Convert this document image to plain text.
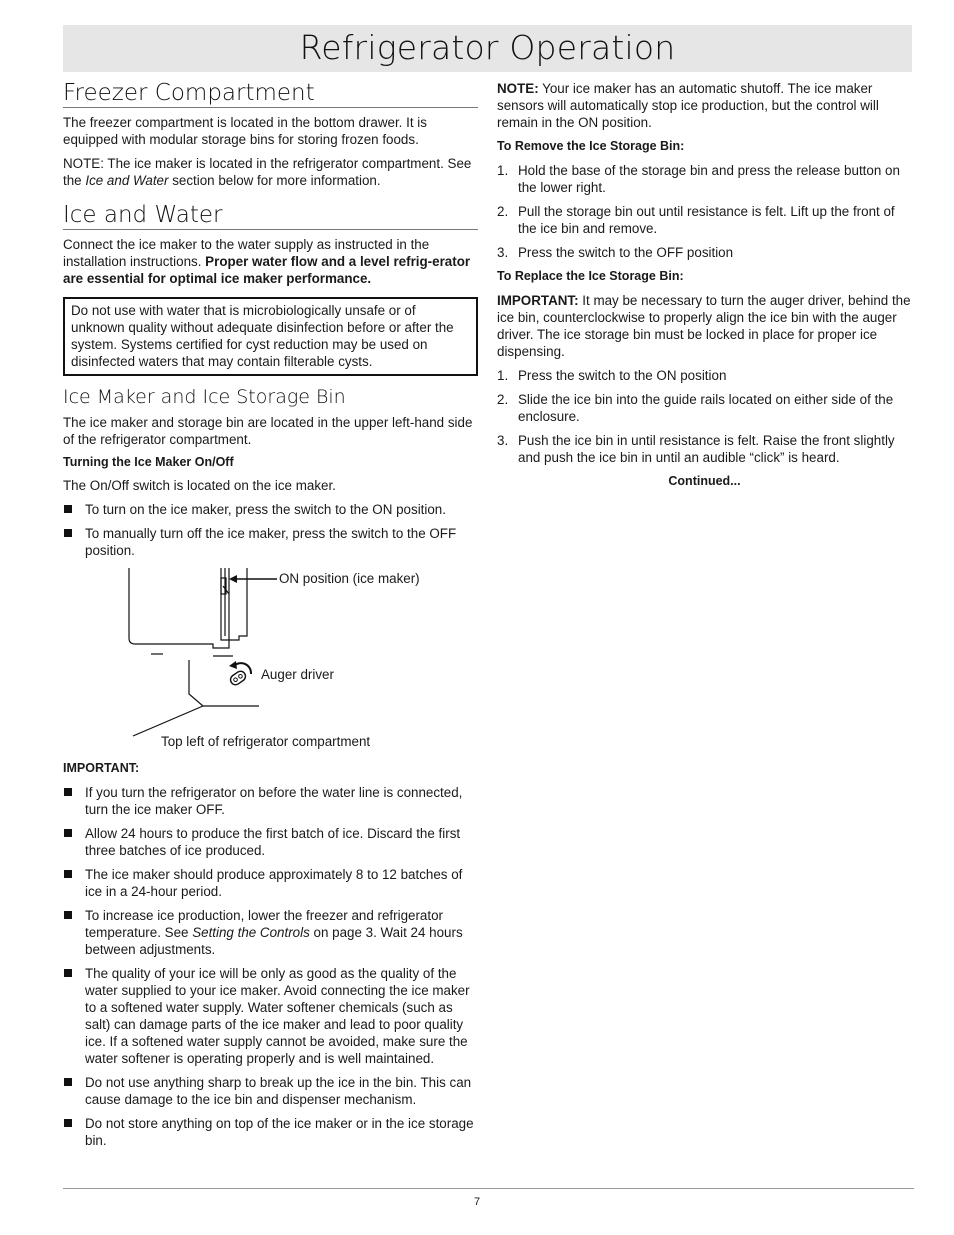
Refrigerator Operation
Freezer Compartment

The freezer compartment is located in the bottom drawer. It is equipped with modular storage bins for storing frozen foods.

NOTE: The ice maker is located in the refrigerator compartment. See the Ice and Water section below for more information.

Ice and Water

Connect the ice maker to the water supply as instructed in the installation instructions. Proper water flow and a level refrig-erator are essential for optimal ice maker performance.

Do not use with water that is microbiologically unsafe or of unknown quality without adequate disinfection before or after the system. Systems certified for cyst reduction may be used on disinfected waters that may contain filterable cysts.

Ice Maker and Ice Storage Bin

The ice maker and storage bin are located in the upper left-hand side of the refrigerator compartment.

Turning the Ice Maker On/Off

The On/Off switch is located on the ice maker.

To turn on the ice maker, press the switch to the ON position.
To manually turn off the ice maker, press the switch to the OFF position.
ON position (ice maker)
Auger driver
Top left of refrigerator compartment

IMPORTANT:

If you turn the refrigerator on before the water line is connected, turn the ice maker OFF.
Allow 24 hours to produce the first batch of ice. Discard the first three batches of ice produced.
The ice maker should produce approximately 8 to 12 batches of ice in a 24-hour period.
To increase ice production, lower the freezer and refrigerator temperature. See Setting the Controls on page 3. Wait 24 hours between adjustments.
The quality of your ice will be only as good as the quality of the water supplied to your ice maker. Avoid connecting the ice maker to a softened water supply. Water softener chemicals (such as salt) can damage parts of the ice maker and lead to poor quality ice. If a softened water supply cannot be avoided, make sure the water softener is operating properly and is well maintained.
Do not use anything sharp to break up the ice in the bin. This can cause damage to the ice bin and dispenser mechanism.
Do not store anything on top of the ice maker or in the ice storage bin.

NOTE: Your ice maker has an automatic shutoff. The ice maker sensors will automatically stop ice production, but the control will remain in the ON position.

To Remove the Ice Storage Bin:

1. Hold the base of the storage bin and press the release button on the lower right.
2. Pull the storage bin out until resistance is felt. Lift up the front of the ice bin and remove.
3. Press the switch to the OFF position

To Replace the Ice Storage Bin:

IMPORTANT: It may be necessary to turn the auger driver, behind the ice bin, counterclockwise to properly align the ice bin with the auger driver. The ice storage bin must be locked in place for proper ice dispensing.

1. Press the switch to the ON position
2. Slide the ice bin into the guide rails located on either side of the enclosure.
3. Push the ice bin in until resistance is felt. Raise the front slightly and push the ice bin in until an audible “click” is heard.

Continued...

7
